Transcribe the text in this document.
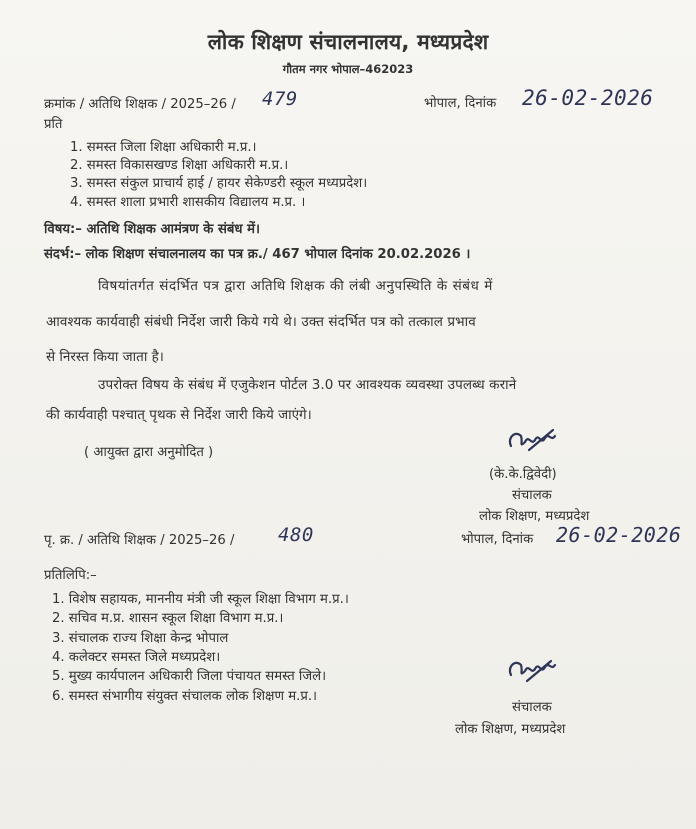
लोक शिक्षण संचालनालय, मध्यप्रदेश
गौतम नगर भोपाल–462023
क्रमांक / अतिथि शिक्षक / 2025–26 / 479	भोपाल, दिनांक 26-02-2026
प्रति
1. समस्त जिला शिक्षा अधिकारी म.प्र.।
2. समस्त विकासखण्ड शिक्षा अधिकारी म.प्र.।
3. समस्त संकुल प्राचार्य हाई / हायर सेकेण्डरी स्कूल मध्यप्रदेश।
4. समस्त शाला प्रभारी शासकीय विद्यालय म.प्र. ।
विषय:– अतिथि शिक्षक आमंत्रण के संबंध में।
संदर्भ:– लोक शिक्षण संचालनालय का पत्र क्र./ 467 भोपाल दिनांक 20.02.2026 ।
विषयांतर्गत संदर्भित पत्र द्वारा अतिथि शिक्षक की लंबी अनुपस्थिति के संबंध में
आवश्यक कार्यवाही संबंधी निर्देश जारी किये गये थे। उक्त संदर्भित पत्र को तत्काल प्रभाव
से निरस्त किया जाता है।
उपरोक्त विषय के संबंध में एजुकेशन पोर्टल 3.0 पर आवश्यक व्यवस्था उपलब्ध कराने
की कार्यवाही पश्चात् पृथक से निर्देश जारी किये जाएंगे।
( आयुक्त द्वारा अनुमोदित )
(के.के.द्विवेदी)
संचालक
लोक शिक्षण, मध्यप्रदेश
भोपाल, दिनांक 26-02-2026
पृ. क्र. / अतिथि शिक्षक / 2025–26 / 480
प्रतिलिपि:–
1. विशेष सहायक, माननीय मंत्री जी स्कूल शिक्षा विभाग म.प्र.।
2. सचिव म.प्र. शासन स्कूल शिक्षा विभाग म.प्र.।
3. संचालक राज्य शिक्षा केन्द्र भोपाल
4. कलेक्टर समस्त जिले मध्यप्रदेश।
5. मुख्य कार्यपालन अधिकारी जिला पंचायत समस्त जिले।
6. समस्त संभागीय संयुक्त संचालक लोक शिक्षण म.प्र.।
संचालक
लोक शिक्षण, मध्यप्रदेश
